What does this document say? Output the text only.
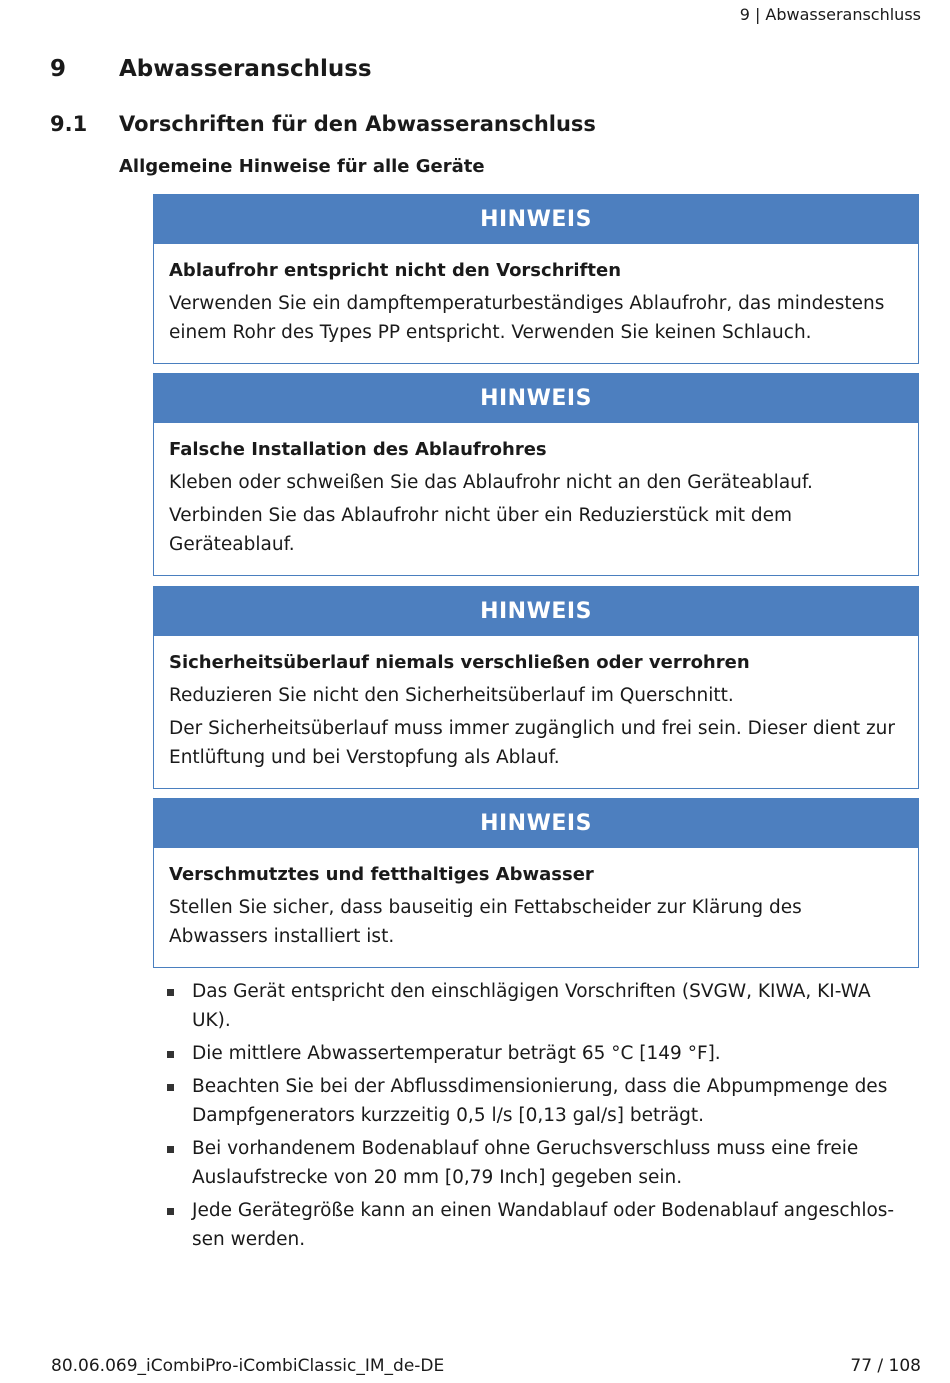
9 | Abwasseranschluss
9 Abwasseranschluss
9.1 Vorschriften für den Abwasseranschluss
Allgemeine Hinweise für alle Geräte
HINWEIS
Ablaufrohr entspricht nicht den Vorschriften
Verwenden Sie ein dampftemperaturbeständiges Ablaufrohr, das mindestens einem Rohr des Types PP entspricht. Verwenden Sie keinen Schlauch.
HINWEIS
Falsche Installation des Ablaufrohres
Kleben oder schweißen Sie das Ablaufrohr nicht an den Geräteablauf.
Verbinden Sie das Ablaufrohr nicht über ein Reduzierstück mit dem Geräteablauf.
HINWEIS
Sicherheitsüberlauf niemals verschließen oder verrohren
Reduzieren Sie nicht den Sicherheitsüberlauf im Querschnitt.
Der Sicherheitsüberlauf muss immer zugänglich und frei sein. Dieser dient zur Entlüftung und bei Verstopfung als Ablauf.
HINWEIS
Verschmutztes und fetthaltiges Abwasser
Stellen Sie sicher, dass bauseitig ein Fettabscheider zur Klärung des Abwassers installiert ist.
Das Gerät entspricht den einschlägigen Vorschriften (SVGW, KIWA, KI-WA UK).
Die mittlere Abwassertemperatur beträgt 65 °C [149 °F].
Beachten Sie bei der Abflussdimensionierung, dass die Abpumpmenge des Dampfgenerators kurzzeitig 0,5 l/s [0,13 gal/s] beträgt.
Bei vorhandenem Bodenablauf ohne Geruchsverschluss muss eine freie Auslaufstrecke von 20 mm [0,79 Inch] gegeben sein.
Jede Gerätegröße kann an einen Wandablauf oder Bodenablauf angeschlos-sen werden.
80.06.069_iCombiPro-iCombiClassic_IM_de-DE	77 / 108
